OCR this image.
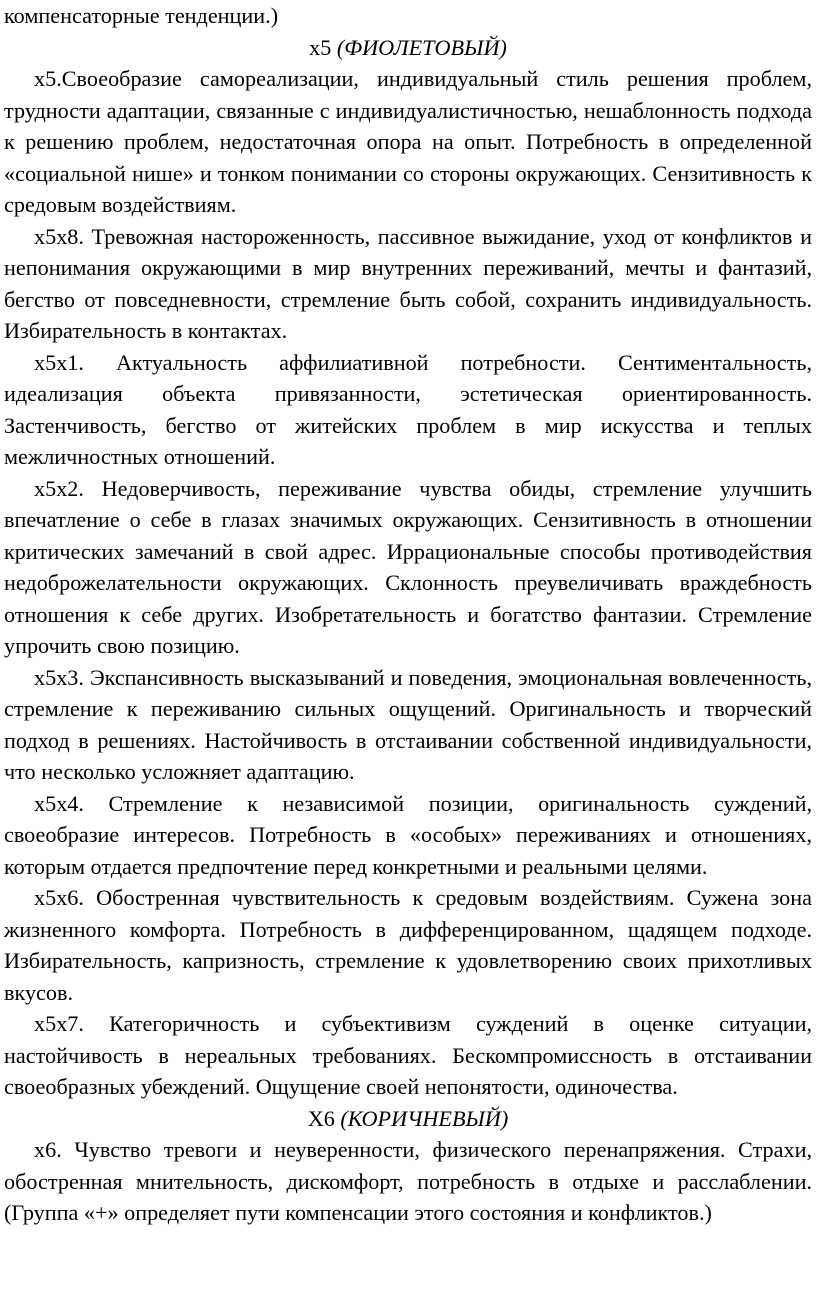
компенсаторные тенденции.)

х5 (ФИОЛЕТОВЫЙ)

х5.Своеобразие самореализации, индивидуальный стиль решения проблем, трудности адаптации, связанные с индивидуалистичностью, нешаблонность подхода к решению проблем, недостаточная опора на опыт. Потребность в определенной «социальной нише» и тонком понимании со стороны окружающих. Сензитивность к средовым воздействиям.

х5х8. Тревожная настороженность, пассивное выжидание, уход от конфликтов и непонимания окружающими в мир внутренних переживаний, мечты и фантазий, бегство от повседневности, стремление быть собой, сохранить индивидуальность. Избирательность в контактах.

х5х1. Актуальность аффилиативной потребности. Сентиментальность, идеализация объекта привязанности, эстетическая ориентированность. Застенчивость, бегство от житейских проблем в мир искусства и теплых межличностных отношений.

х5х2. Недоверчивость, переживание чувства обиды, стремление улучшить впечатление о себе в глазах значимых окружающих. Сензитивность в отношении критических замечаний в свой адрес. Иррациональные способы противодействия недоброжелательности окружающих. Склонность преувеличивать враждебность отношения к себе других. Изобретательность и богатство фантазии. Стремление упрочить свою позицию.

х5х3. Экспансивность высказываний и поведения, эмоциональная вовлеченность, стремление к переживанию сильных ощущений. Оригинальность и творческий подход в решениях. Настойчивость в отстаивании собственной индивидуальности, что несколько усложняет адаптацию.

х5х4. Стремление к независимой позиции, оригинальность суждений, своеобразие интересов. Потребность в «особых» переживаниях и отношениях, которым отдается предпочтение перед конкретными и реальными целями.

х5х6. Обостренная чувствительность к средовым воздействиям. Сужена зона жизненного комфорта. Потребность в дифференцированном, щадящем подходе. Избирательность, капризность, стремление к удовлетворению своих прихотливых вкусов.

х5х7. Категоричность и субъективизм суждений в оценке ситуации, настойчивость в нереальных требованиях. Бескомпромиссность в отстаивании своеобразных убеждений. Ощущение своей непонятости, одиночества.

Х6 (КОРИЧНЕВЫЙ)

х6. Чувство тревоги и неуверенности, физического перенапряжения. Страхи, обостренная мнительность, дискомфорт, потребность в отдыхе и расслаблении. (Группа «+» определяет пути компенсации этого состояния и конфликтов.)
